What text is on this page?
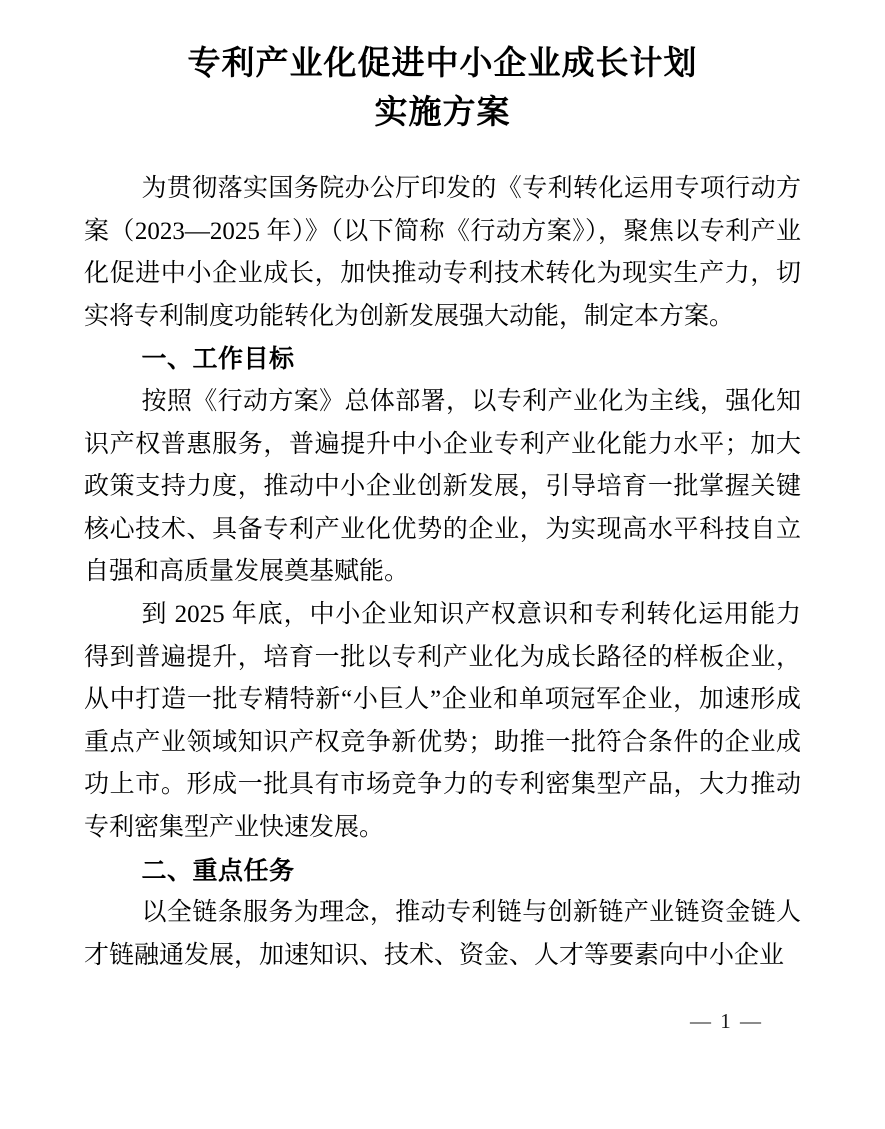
专利产业化促进中小企业成长计划
实施方案

为贯彻落实国务院办公厅印发的《专利转化运用专项行动方案（2023—2025 年）》（以下简称《行动方案》），聚焦以专利产业化促进中小企业成长，加快推动专利技术转化为现实生产力，切实将专利制度功能转化为创新发展强大动能，制定本方案。

一、工作目标

按照《行动方案》总体部署，以专利产业化为主线，强化知识产权普惠服务，普遍提升中小企业专利产业化能力水平；加大政策支持力度，推动中小企业创新发展，引导培育一批掌握关键核心技术、具备专利产业化优势的企业，为实现高水平科技自立自强和高质量发展奠基赋能。

到 2025 年底，中小企业知识产权意识和专利转化运用能力得到普遍提升，培育一批以专利产业化为成长路径的样板企业，从中打造一批专精特新“小巨人”企业和单项冠军企业，加速形成重点产业领域知识产权竞争新优势；助推一批符合条件的企业成功上市。形成一批具有市场竞争力的专利密集型产品，大力推动专利密集型产业快速发展。

二、重点任务

以全链条服务为理念，推动专利链与创新链产业链资金链人才链融通发展，加速知识、技术、资金、人才等要素向中小企业

— 1 —
